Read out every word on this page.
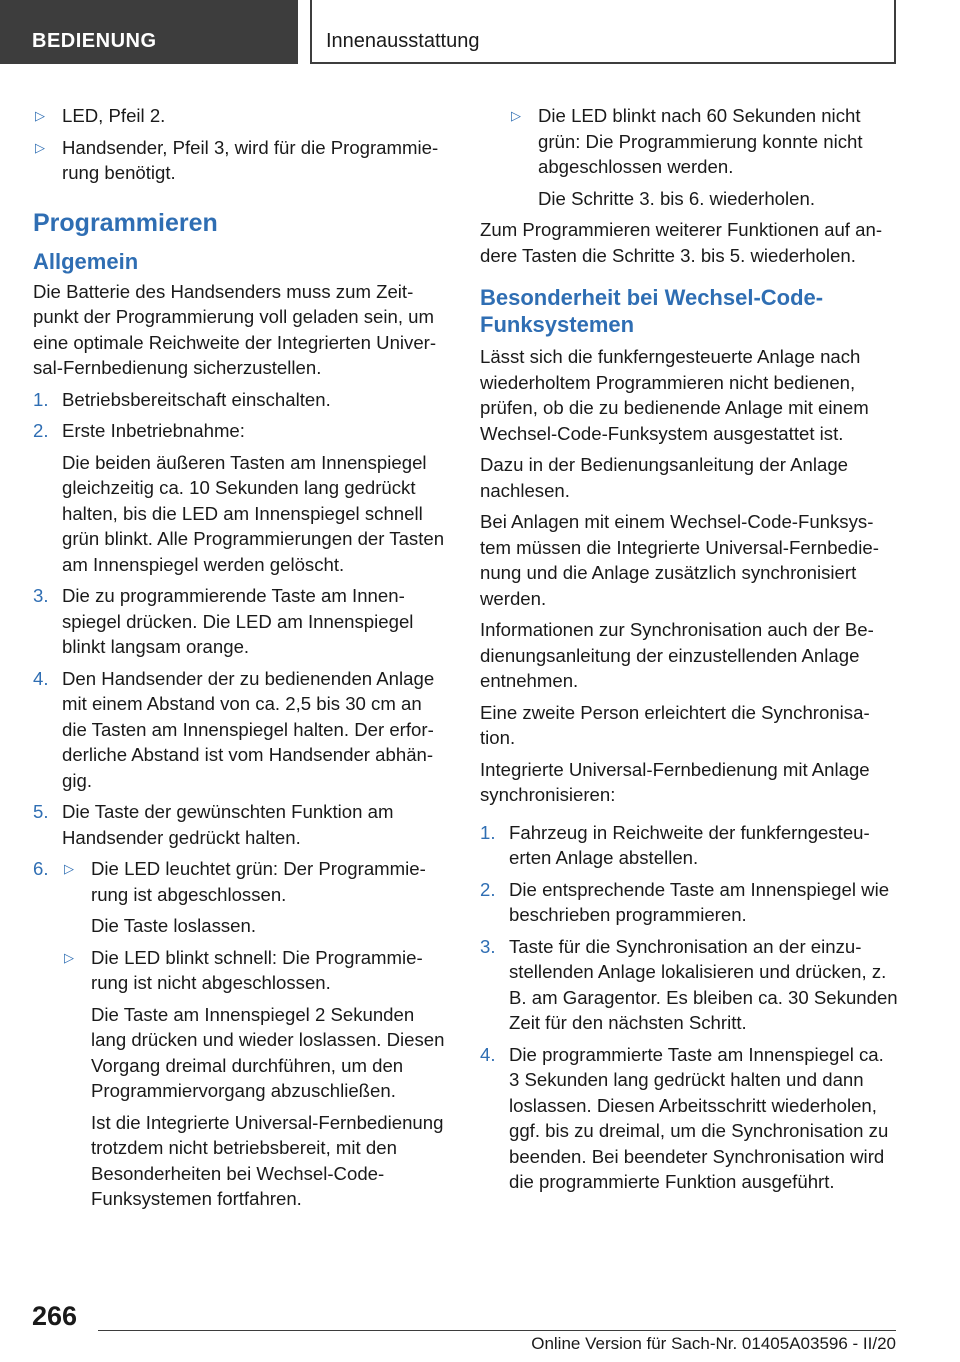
BEDIENUNG	Innenausstattung
▷ LED, Pfeil 2.
▷ Handsender, Pfeil 3, wird für die Programmierung benötigt.
Programmieren
Allgemein

Die Batterie des Handsenders muss zum Zeitpunkt der Programmierung voll geladen sein, um eine optimale Reichweite der Integrierten Universal-Fernbedienung sicherzustellen.

1. Betriebsbereitschaft einschalten.
2. Erste Inbetriebnahme:

Die beiden äußeren Tasten am Innenspiegel gleichzeitig ca. 10 Sekunden lang gedrückt halten, bis die LED am Innenspiegel schnell grün blinkt. Alle Programmierungen der Tasten am Innenspiegel werden gelöscht.

3. Die zu programmierende Taste am Innenspiegel drücken. Die LED am Innenspiegel blinkt langsam orange.
4. Den Handsender der zu bedienenden Anlage mit einem Abstand von ca. 2,5 bis 30 cm an die Tasten am Innenspiegel halten. Der erforderliche Abstand ist vom Handsender abhängig.
5. Die Taste der gewünschten Funktion am Handsender gedrückt halten.
6. ▷ Die LED leuchtet grün: Der Programmierung ist abgeschlossen.

Die Taste loslassen.

▷ Die LED blinkt schnell: Die Programmierung ist nicht abgeschlossen.

Die Taste am Innenspiegel 2 Sekunden lang drücken und wieder loslassen. Diesen Vorgang dreimal durchführen, um den Programmiervorgang abzuschließen.

Ist die Integrierte Universal-Fernbedienung trotzdem nicht betriebsbereit, mit den Besonderheiten bei Wechsel-Code-Funksystemen fortfahren.

▷ Die LED blinkt nach 60 Sekunden nicht grün: Die Programmierung konnte nicht abgeschlossen werden.

Die Schritte 3. bis 6. wiederholen.

Zum Programmieren weiterer Funktionen auf andere Tasten die Schritte 3. bis 5. wiederholen.

Besonderheit bei Wechsel-Code-Funksystemen

Lässt sich die funkferngesteuerte Anlage nach wiederholtem Programmieren nicht bedienen, prüfen, ob die zu bedienende Anlage mit einem Wechsel-Code-Funksystem ausgestattet ist.

Dazu in der Bedienungsanleitung der Anlage nachlesen.

Bei Anlagen mit einem Wechsel-Code-Funksystem müssen die Integrierte Universal-Fernbedienung und die Anlage zusätzlich synchronisiert werden.

Informationen zur Synchronisation auch der Bedienungsanleitung der einzustellenden Anlage entnehmen.

Eine zweite Person erleichtert die Synchronisation.

Integrierte Universal-Fernbedienung mit Anlage synchronisieren:

1. Fahrzeug in Reichweite der funkferngesteuerten Anlage abstellen.
2. Die entsprechende Taste am Innenspiegel wie beschrieben programmieren.
3. Taste für die Synchronisation an der einzustellenden Anlage lokalisieren und drücken, z. B. am Garagentor. Es bleiben ca. 30 Sekunden Zeit für den nächsten Schritt.
4. Die programmierte Taste am Innenspiegel ca. 3 Sekunden lang gedrückt halten und dann loslassen. Diesen Arbeitsschritt wiederholen, ggf. bis zu dreimal, um die Synchronisation zu beenden. Bei beendeter Synchronisation wird die programmierte Funktion ausgeführt.
266
Online Version für Sach-Nr. 01405A03596 - II/20
